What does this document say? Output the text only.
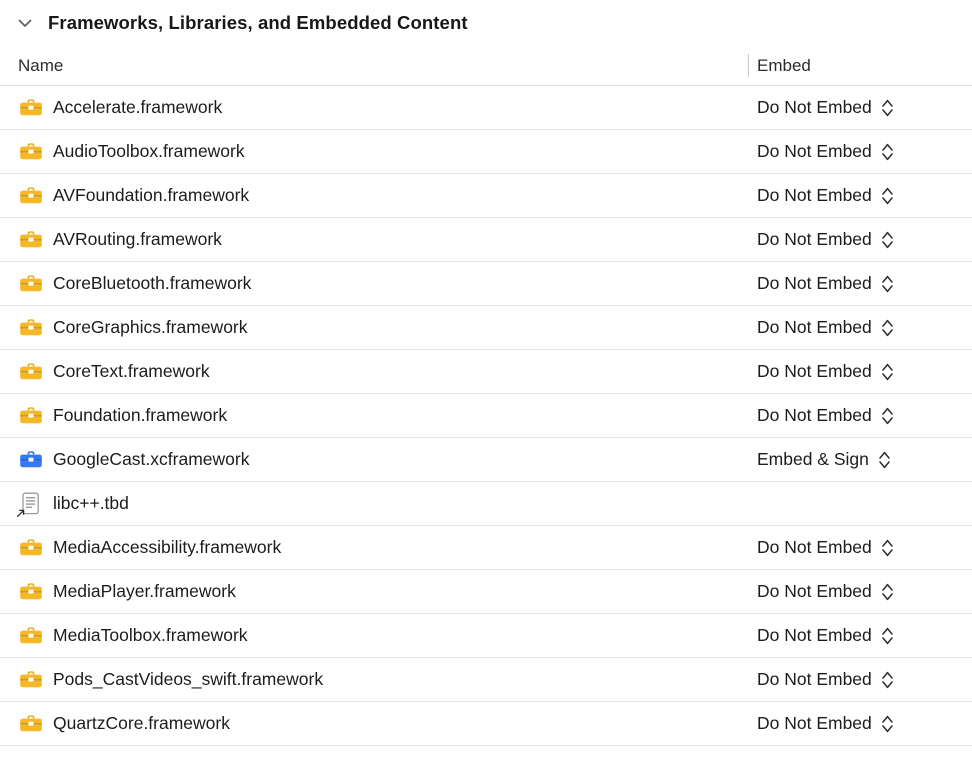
Frameworks, Libraries, and Embedded Content
Name	Embed
Accelerate.framework	Do Not Embed
AudioToolbox.framework	Do Not Embed
AVFoundation.framework	Do Not Embed
AVRouting.framework	Do Not Embed
CoreBluetooth.framework	Do Not Embed
CoreGraphics.framework	Do Not Embed
CoreText.framework	Do Not Embed
Foundation.framework	Do Not Embed
GoogleCast.xcframework	Embed & Sign
libc++.tbd
MediaAccessibility.framework	Do Not Embed
MediaPlayer.framework	Do Not Embed
MediaToolbox.framework	Do Not Embed
Pods_CastVideos_swift.framework	Do Not Embed
QuartzCore.framework	Do Not Embed
